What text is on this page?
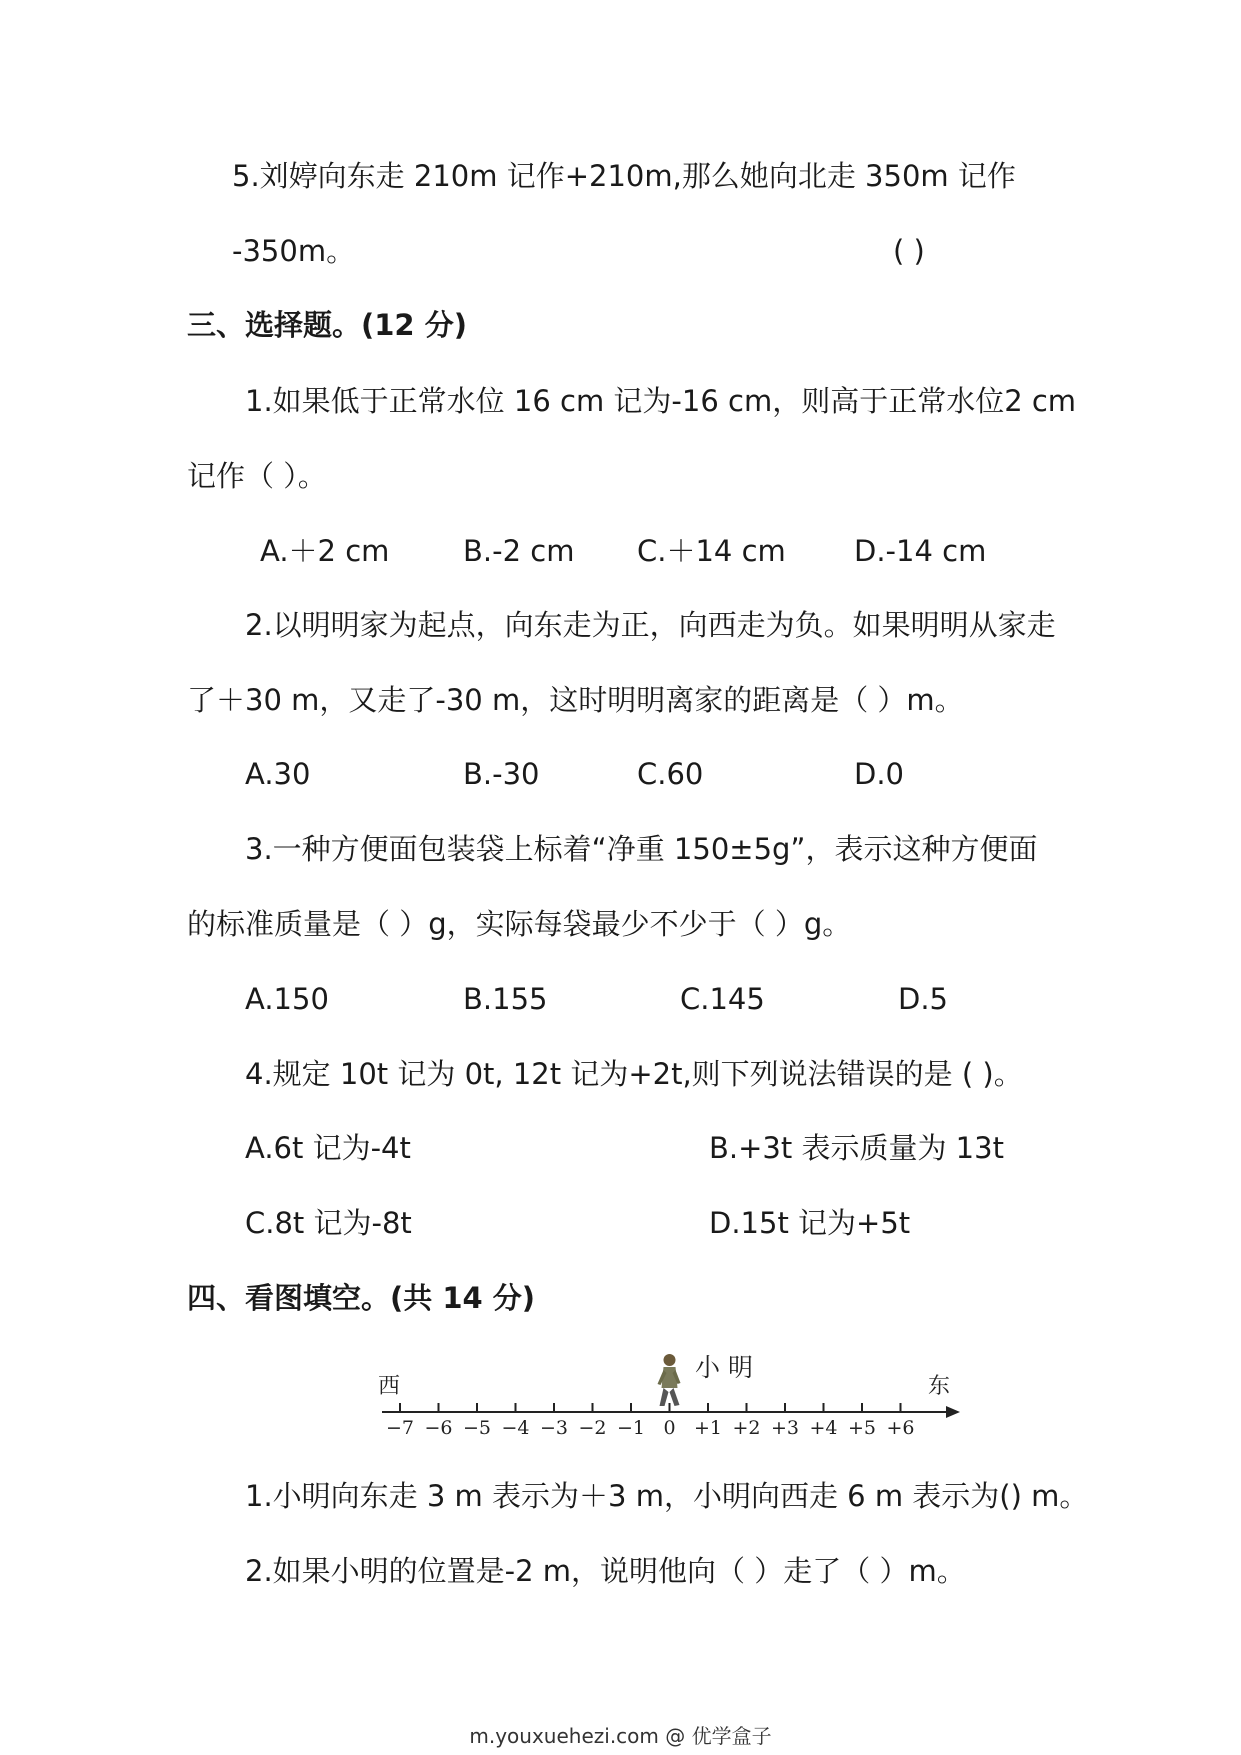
5.刘婷向东走 210m 记作+210m,那么她向北走 350m 记作
-350m。	( )
三、选择题。(12 分)
1.如果低于正常水位 16 cm 记为-16 cm，则高于正常水位2 cm
记作（ ）。
A.＋2 cm	B.-2 cm C.＋14 cm D.-14 cm
2.以明明家为起点，向东走为正，向西走为负。如果明明从家走
了＋30 m，又走了-30 m，这时明明离家的距离是（ ）m。
A.30	B.-30	C.60	D.0
3.一种方便面包装袋上标着“净重 150±5g”，表示这种方便面
的标准质量是（ ）g，实际每袋最少不少于（ ）g。
A.150	B.155	C.145	D.5
4.规定 10t 记为 0t, 12t 记为+2t,则下列说法错误的是 ( )。
A.6t 记为-4t	B.+3t 表示质量为 13t
C.8t 记为-8t	D.15t 记为+5t
四、看图填空。(共 14 分)
西	东
小 明
−7 −6 −5 −4 −3 −2 −1 0 +1 +2 +3 +4 +5 +6
1.小明向东走 3 m 表示为＋3 m，小明向西走 6 m 表示为() m。
2.如果小明的位置是-2 m，说明他向（ ）走了（ ）m。
m.youxuehezi.com @ 优学盒子
